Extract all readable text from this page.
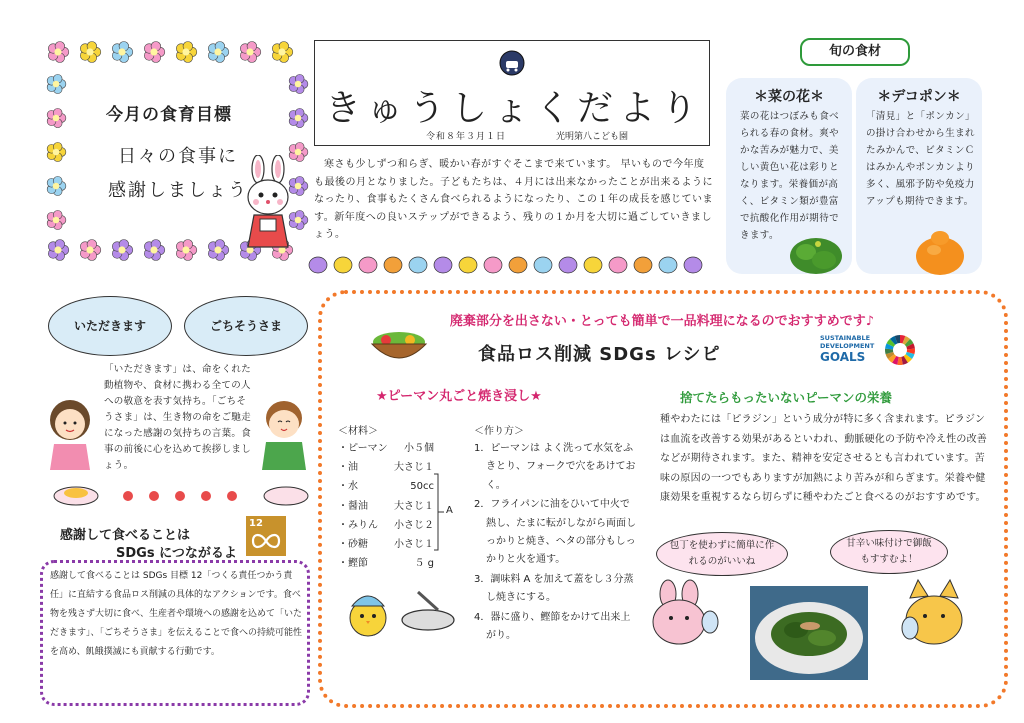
今月の食育目標
日々の食事に
感謝しましょう
きゅうしょくだより
令和８年３月１日	光明第八こども園
寒さも少しずつ和らぎ、暖かい春がすぐそこまで来ています。 早いもので今年度も最後の月となりました。子どもたちは、４月には出来なかったことが出来るようになったり、食事もたくさん食べられるようになったり、この１年の成長を感じています。新年度への良いステップができるよう、残りの１か月を大切に過ごしていきましょう。
旬の食材
＊菜の花＊	＊デコポン＊
菜の花はつぼみも食べられる春の食材。爽やかな苦みが魅力で、美しい黄色い花は彩りとなります。栄養価が高く、ビタミン類が豊富で抗酸化作用が期待できます。
「清見」と「ポンカン」の掛け合わせから生まれたみかんで、ビタミンＣはみかんやポンカンより多く、風邪予防や免疫力アップも期待できます。
いただきます	ごちそうさま
「いただきます」は、命をくれた動植物や、食材に携わる全ての人への敬意を表す気持ち。「ごちそうさま」は、生き物の命をご馳走になった感謝の気持ちの言葉。食事の前後に心を込めて挨拶しましょう。
感謝して食べることは
SDGs につながるよ
12
感謝して食べることは SDGs 目標 12「つくる責任つかう責任」に直結する食品ロス削減の具体的なアクションです。食べ物を残さず大切に食べ、生産者や環境への感謝を込めて「いただきます」、「ごちそうさま」を伝えることで食への持続可能性を高め、飢餓撲滅にも貢献する行動です。
廃棄部分を出さない・とっても簡単で一品料理になるのでおすすめです♪
食品ロス削減 SDGs レシピ
SUSTAINABLE
DEVELOPMENT
GOALS
★ピーマン丸ごと焼き浸し★
＜材料＞
・ピーマン	小５個
・油	大さじ１
・水	50cc
・醤油	大さじ１
・みりん	小さじ２
・砂糖	小さじ１
・鰹節	５ g
A
＜作り方＞
1．ピーマンは よく洗って水気をふきとり、フォークで穴をあけておく。
2．フライパンに油をひいて中火で熱し、たまに転がしながら両面しっかりと焼き、ヘタの部分もしっかりと火を通す。
3．調味料 A を加えて蓋をし３分蒸し焼きにする。
4．器に盛り、鰹節をかけて出来上がり。
捨てたらもったいないピーマンの栄養
種やわたには「ピラジン」という成分が特に多く含まれます。ピラジンは血流を改善する効果があるといわれ、動脈硬化の予防や冷え性の改善などが期待されます。また、精神を安定させるとも言われています。苦味の原因の一つでもありますが加熱により苦みが和らぎます。栄養や健康効果を重視するなら切らずに種やわたごと食べるのがおすすめです。
包丁を使わずに簡単に作れるのがいいね
甘辛い味付けで御飯もすすむよ！
